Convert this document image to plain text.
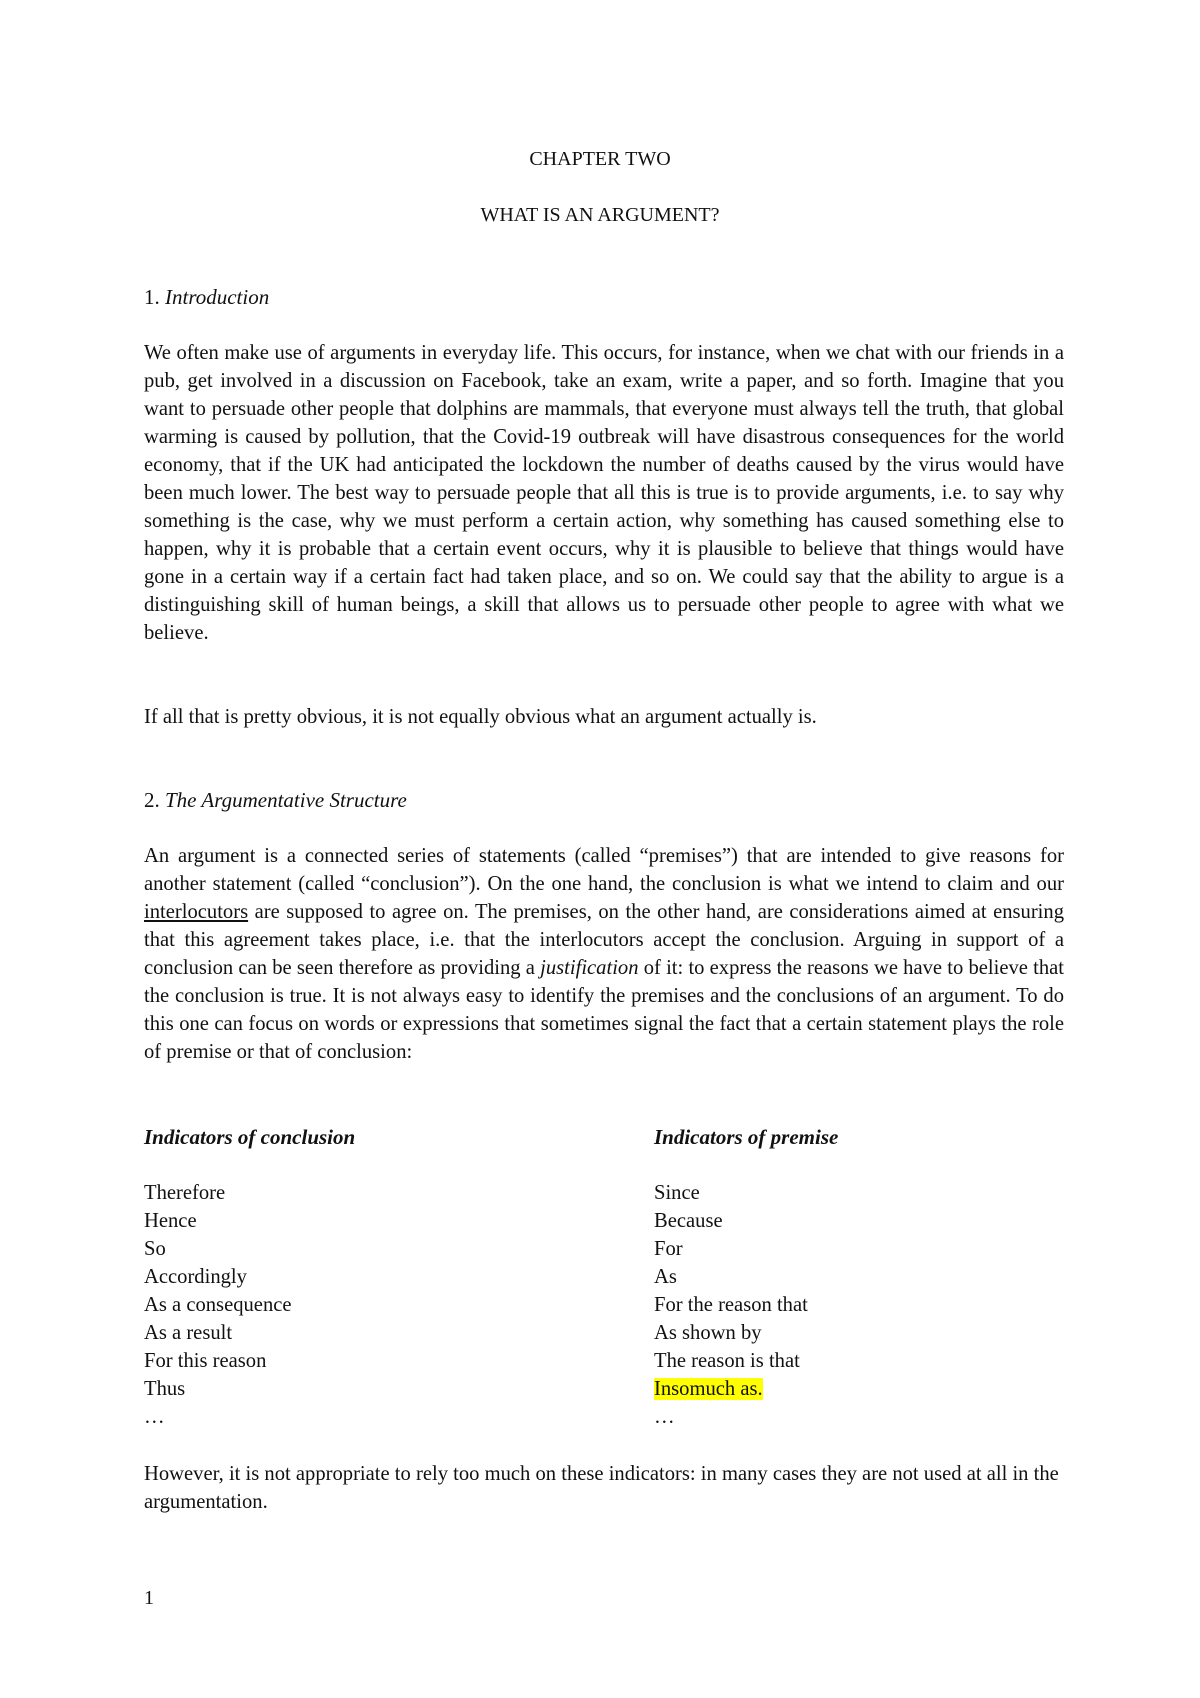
CHAPTER TWO
WHAT IS AN ARGUMENT?
1. Introduction

We often make use of arguments in everyday life. This occurs, for instance, when we chat with our friends in a pub, get involved in a discussion on Facebook, take an exam, write a paper, and so forth. Imagine that you want to persuade other people that dolphins are mammals, that everyone must always tell the truth, that global warming is caused by pollution, that the Covid-19 outbreak will have disastrous consequences for the world economy, that if the UK had anticipated the lockdown the number of deaths caused by the virus would have been much lower. The best way to persuade people that all this is true is to provide arguments, i.e. to say why something is the case, why we must perform a certain action, why something has caused something else to happen, why it is probable that a certain event occurs, why it is plausible to believe that things would have gone in a certain way if a certain fact had taken place, and so on. We could say that the ability to argue is a distinguishing skill of human beings, a skill that allows us to persuade other people to agree with what we believe.

If all that is pretty obvious, it is not equally obvious what an argument actually is.

2. The Argumentative Structure

An argument is a connected series of statements (called “premises”) that are intended to give reasons for another statement (called “conclusion”). On the one hand, the conclusion is what we intend to claim and our interlocutors are supposed to agree on. The premises, on the other hand, are considerations aimed at ensuring that this agreement takes place, i.e. that the interlocutors accept the conclusion. Arguing in support of a conclusion can be seen therefore as providing a justification of it: to express the reasons we have to believe that the conclusion is true. It is not always easy to identify the premises and the conclusions of an argument. To do this one can focus on words or expressions that sometimes signal the fact that a certain statement plays the role of premise or that of conclusion:

Indicators of conclusion	Indicators of premise
Therefore
Hence
So
Accordingly
As a consequence
As a result
For this reason
Thus
…
Since
Because
For
As
For the reason that
As shown by
The reason is that
Insomuch as.
…

However, it is not appropriate to rely too much on these indicators: in many cases they are not used at all in the argumentation.

1
